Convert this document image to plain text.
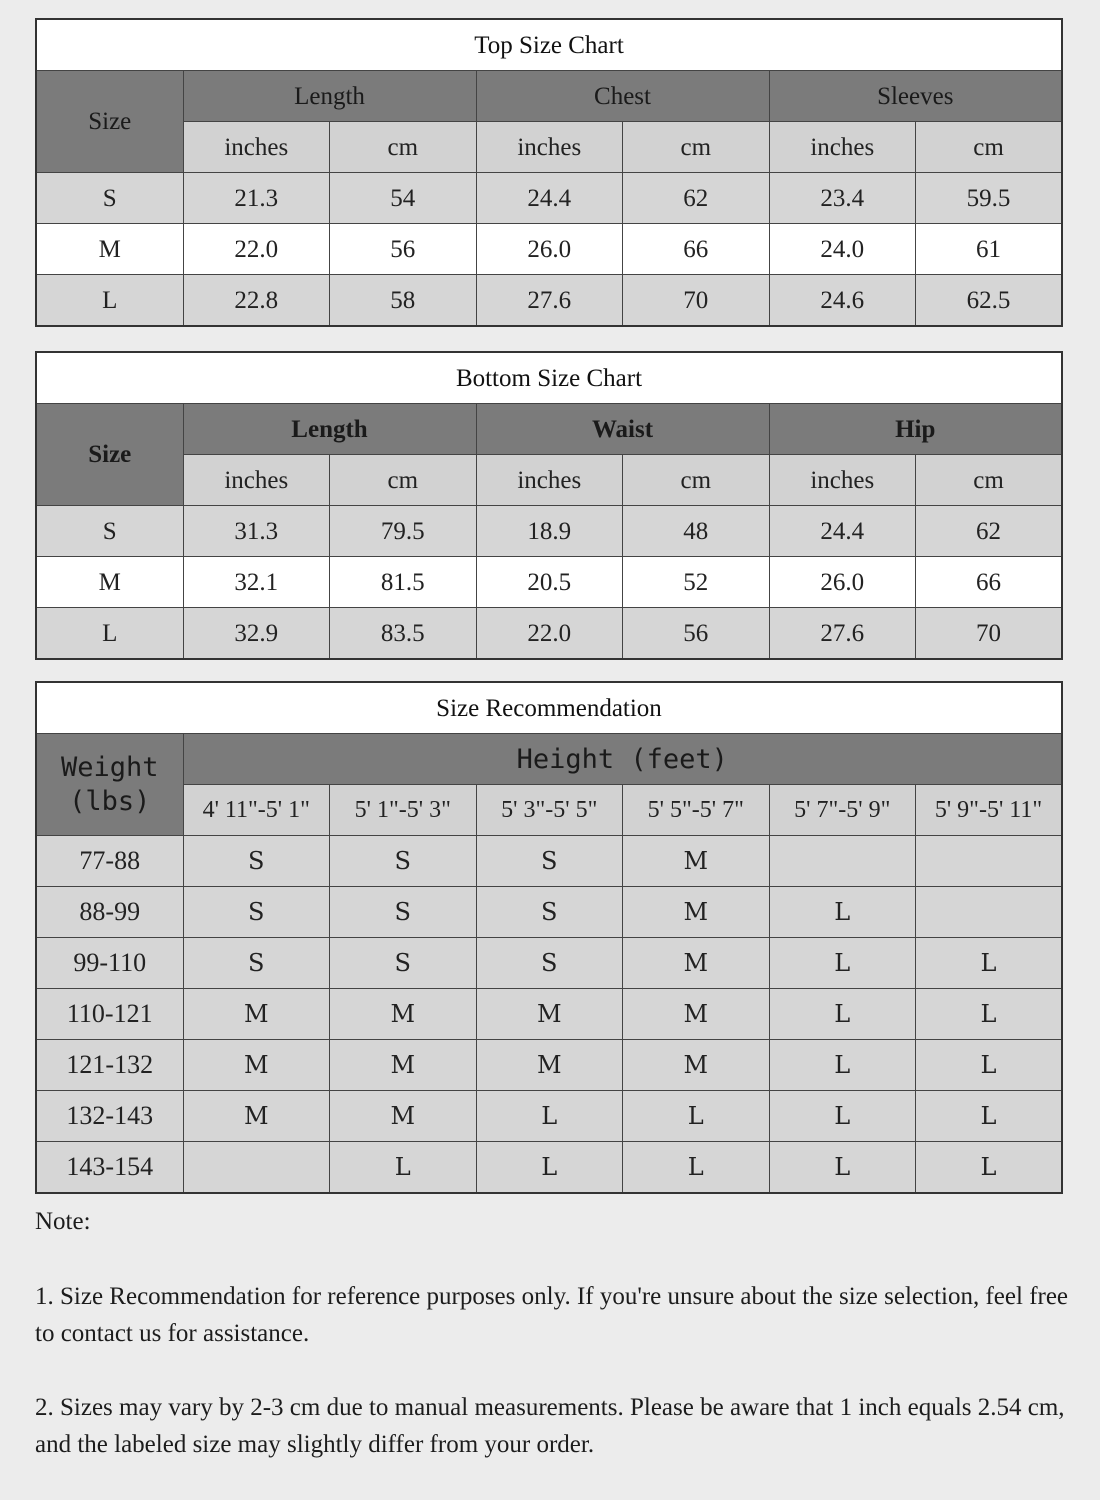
Top Size Chart						
Size	Length		Chest		Sleeves	
	inches	cm	inches	cm	inches	cm
S	21.3	54	24.4	62	23.4	59.5
M	22.0	56	26.0	66	24.0	61
L	22.8	58	27.6	70	24.6	62.5
Bottom Size Chart						
Size	Length		Waist		Hip	
	inches	cm	inches	cm	inches	cm
S	31.3	79.5	18.9	48	24.4	62
M	32.1	81.5	20.5	52	26.0	66
L	32.9	83.5	22.0	56	27.6	70
Size Recommendation						
Weight
(lbs)	Height (feet)					
	4' 11"-5' 1"	5' 1"-5' 3"	5' 3"-5' 5"	5' 5"-5' 7"	5' 7"-5' 9"	5' 9"-5' 11"
77-88	S	S	S	M		
88-99	S	S	S	M	L	
99-110	S	S	S	M	L	L
110-121	M	M	M	M	L	L
121-132	M	M	M	M	L	L
132-143	M	M	L	L	L	L
143-154		L	L	L	L	L

Note:

1. Size Recommendation for reference purposes only. If you're unsure about the size selection, feel free to contact us for assistance.

2. Sizes may vary by 2-3 cm due to manual measurements. Please be aware that 1 inch equals 2.54 cm, and the labeled size may slightly differ from your order.
